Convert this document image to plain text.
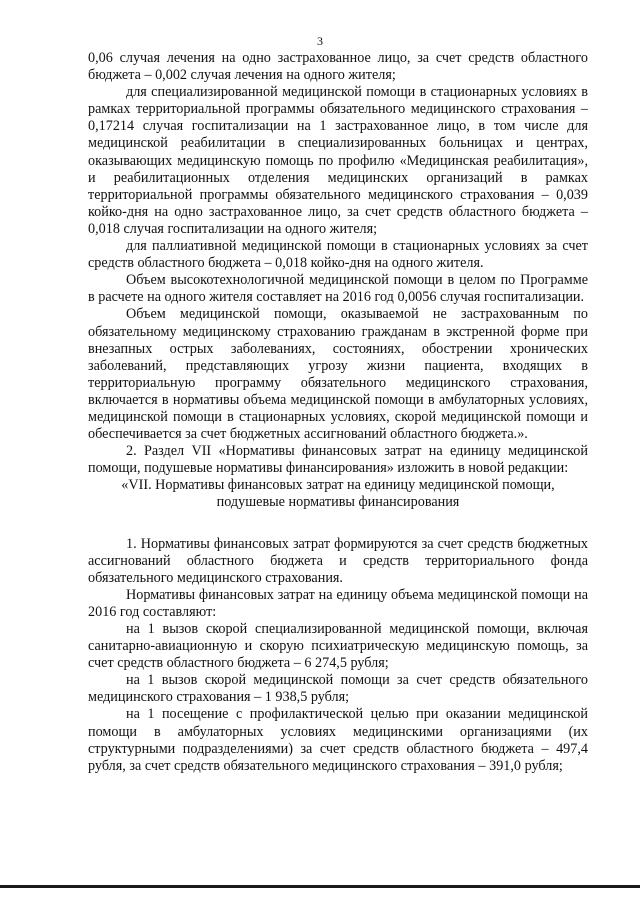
3

0,06 случая лечения на одно застрахованное лицо, за счет средств областного бюджета – 0,002 случая лечения на одного жителя;

для специализированной медицинской помощи в стационарных условиях в рамках территориальной программы обязательного медицинского страхования – 0,17214 случая госпитализации на 1 застрахованное лицо, в том числе для медицинской реабилитации в специализированных больницах и центрах, оказывающих медицинскую помощь по профилю «Медицинская реабилитация», и реабилитационных отделения медицинских организаций в рамках территориальной программы обязательного медицинского страхования – 0,039 койко-дня на одно застрахованное лицо, за счет средств областного бюджета – 0,018 случая госпитализации на одного жителя;

для паллиативной медицинской помощи в стационарных условиях за счет средств областного бюджета – 0,018 койко-дня на одного жителя.

Объем высокотехнологичной медицинской помощи в целом по Программе в расчете на одного жителя составляет на 2016 год 0,0056 случая госпитализации.

Объем медицинской помощи, оказываемой не застрахованным по обязательному медицинскому страхованию гражданам в экстренной форме при внезапных острых заболеваниях, состояниях, обострении хронических заболеваний, представляющих угрозу жизни пациента, входящих в территориальную программу обязательного медицинского страхования, включается в нормативы объема медицинской помощи в амбулаторных условиях, медицинской помощи в стационарных условиях, скорой медицинской помощи и обеспечивается за счет бюджетных ассигнований областного бюджета.».

2. Раздел VII «Нормативы финансовых затрат на единицу медицинской помощи, подушевые нормативы финансирования» изложить в новой редакции:

«VII. Нормативы финансовых затрат на единицу медицинской помощи,

подушевые нормативы финансирования

1. Нормативы финансовых затрат формируются за счет средств бюджетных ассигнований областного бюджета и средств территориального фонда обязательного медицинского страхования.

Нормативы финансовых затрат на единицу объема медицинской помощи на 2016 год составляют:

на 1 вызов скорой специализированной медицинской помощи, включая санитарно-авиационную и скорую психиатрическую медицинскую помощь, за счет средств областного бюджета – 6 274,5 рубля;

на 1 вызов скорой медицинской помощи за счет средств обязательного медицинского страхования – 1 938,5 рубля;

на 1 посещение с профилактической целью при оказании медицинской помощи в амбулаторных условиях медицинскими организациями (их структурными подразделениями) за счет средств областного бюджета – 497,4 рубля, за счет средств обязательного медицинского страхования – 391,0 рубля;
